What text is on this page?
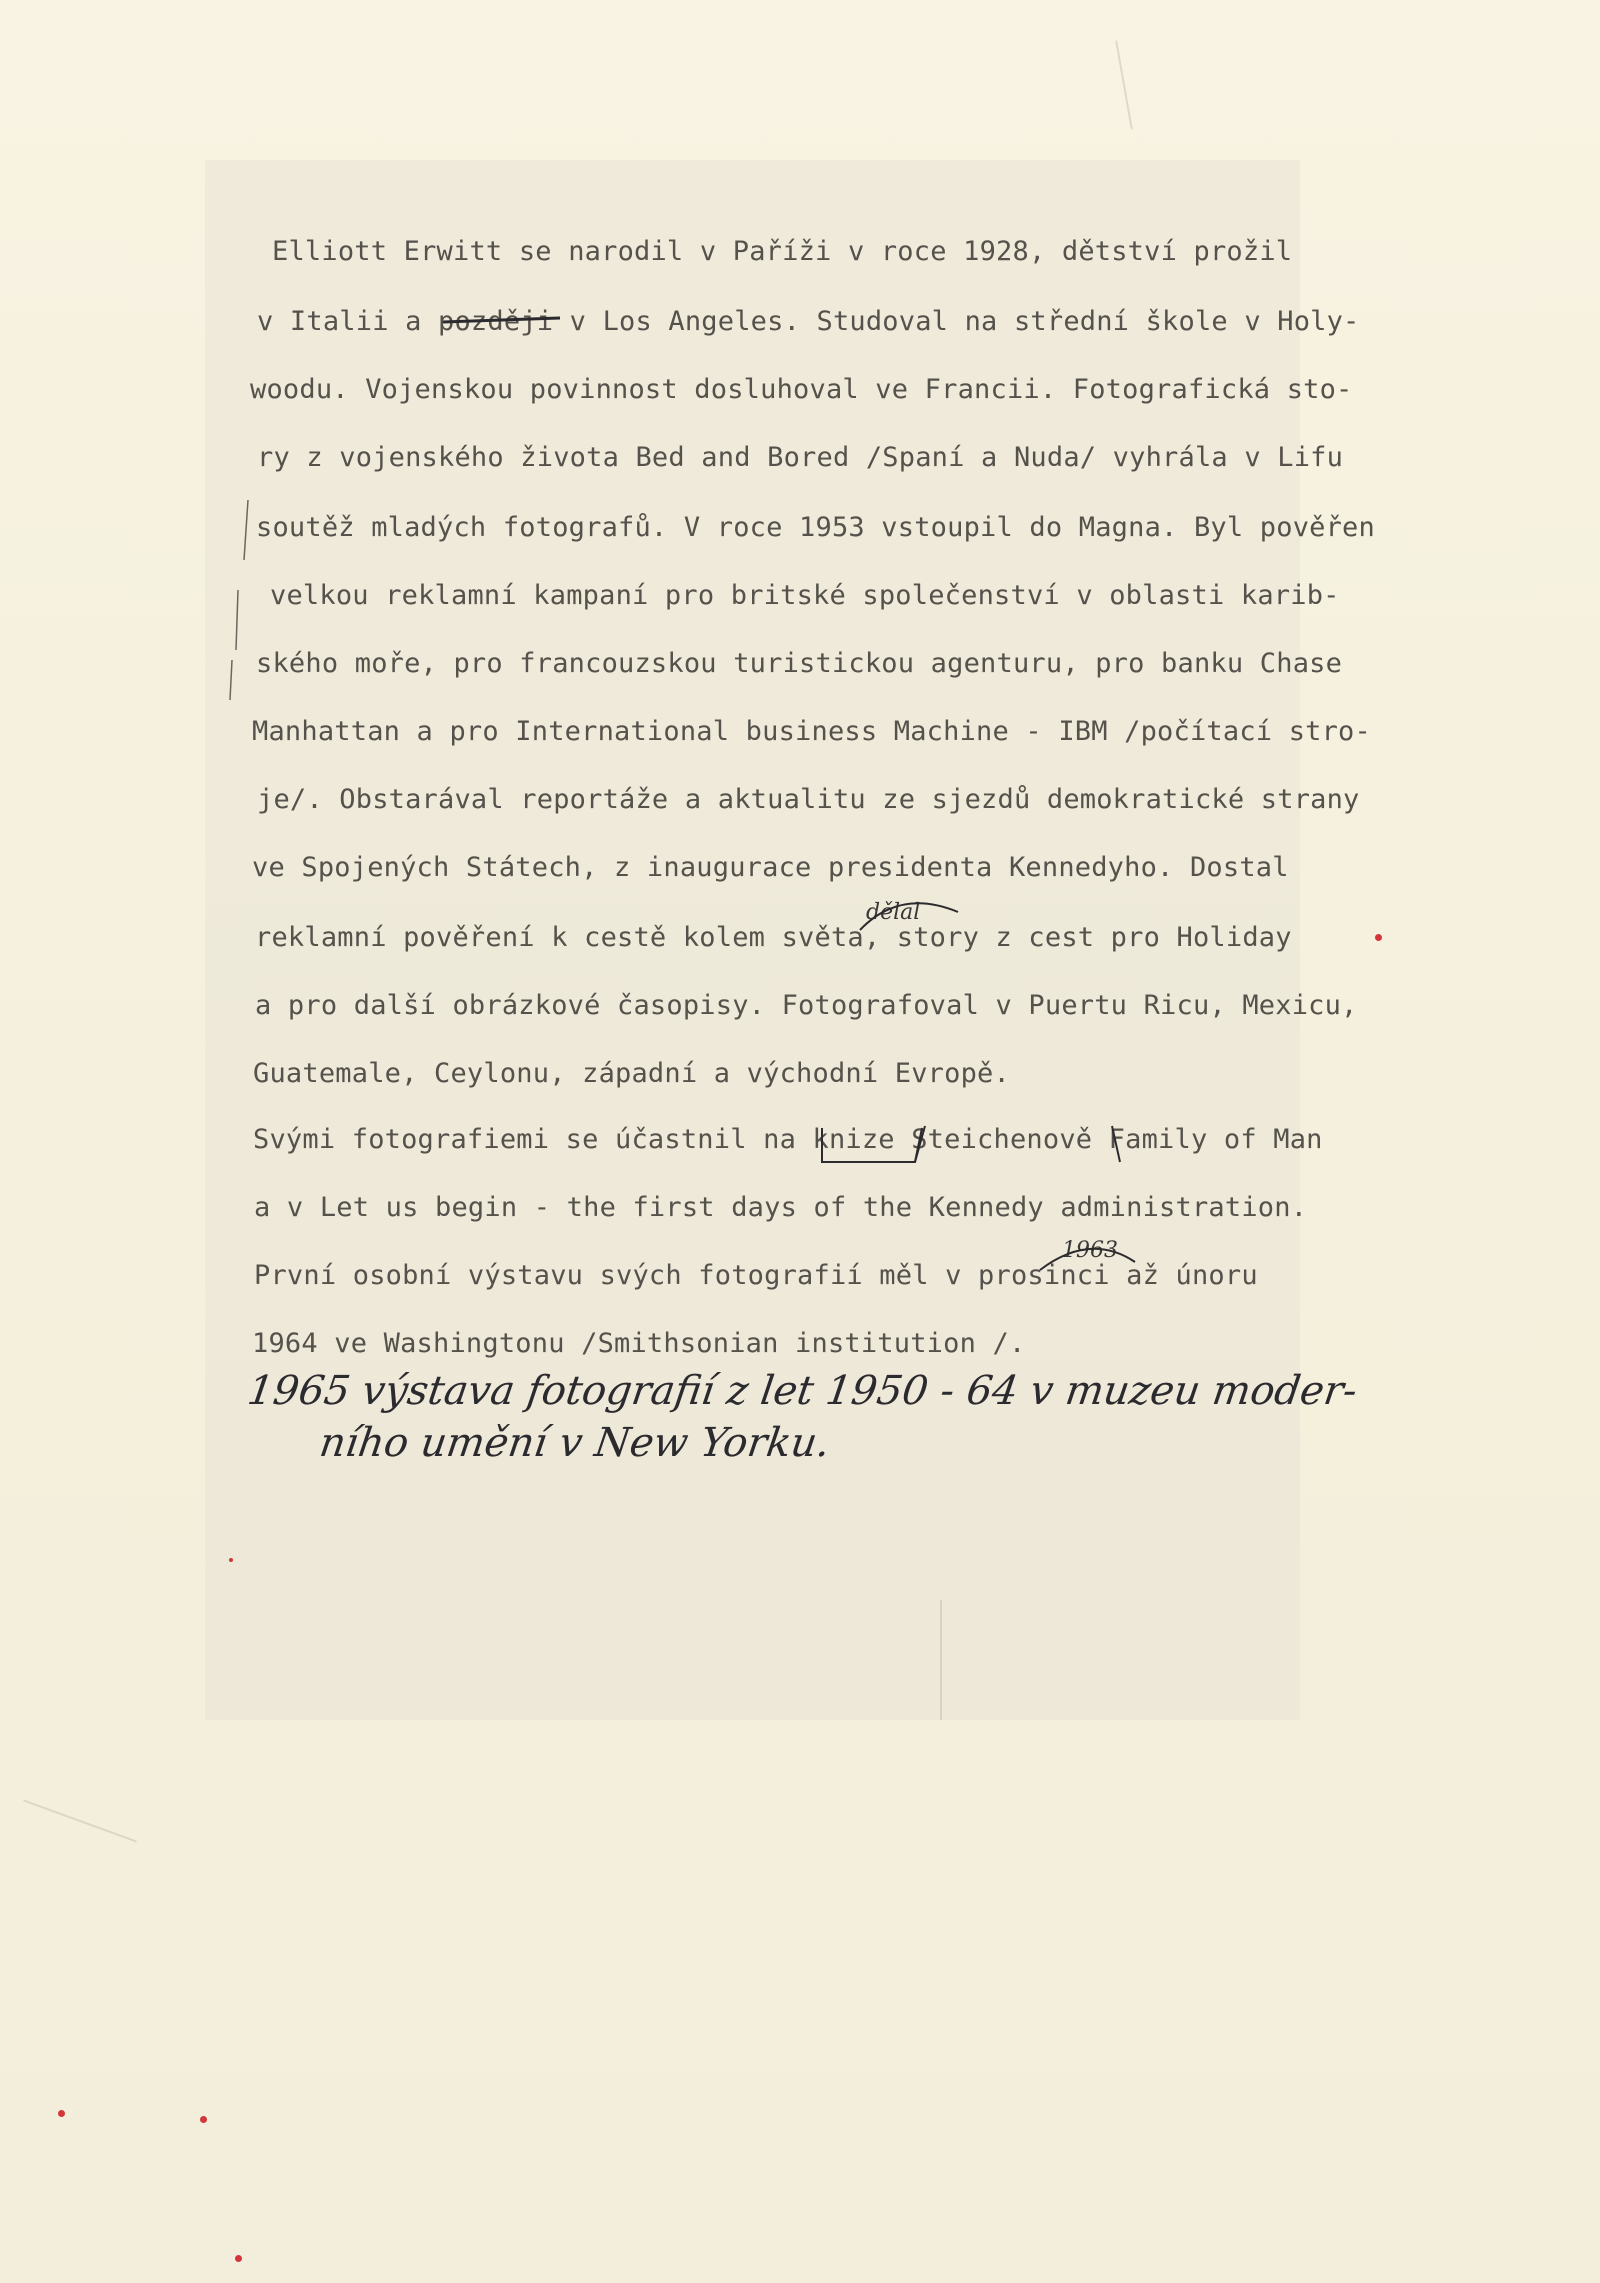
Elliott Erwitt se narodil v Paříži v roce 1928, dětství prožil
v Italii a později v Los Angeles. Studoval na střední škole v Holy-
woodu. Vojenskou povinnost dosluhoval ve Francii. Fotografická sto-
ry z vojenského života Bed and Bored /Spaní a Nuda/ vyhrála v Lifu
soutěž mladých fotografů. V roce 1953 vstoupil do Magna. Byl pověřen
velkou reklamní kampaní pro britské společenství v oblasti karib-
ského moře, pro francouzskou turistickou agenturu, pro banku Chase
Manhattan a pro International business Machine - IBM /počítací stro-
je/. Obstarával reportáže a aktualitu ze sjezdů demokratické strany
ve Spojených Státech, z inaugurace presidenta Kennedyho. Dostal
reklamní pověření k cestě kolem světa, story z cest pro Holiday
a pro další obrázkové časopisy. Fotografoval v Puertu Ricu, Mexicu,
Guatemale, Ceylonu, západní a východní Evropě.
Svými fotografiemi se účastnil na knize Steichenově Family of Man
a v Let us begin - the first days of the Kennedy administration.
První osobní výstavu svých fotografií měl v prosinci až únoru
1964 ve Washingtonu /Smithsonian institution /.
dělal
1963
1965 výstava fotografií z let 1950 - 64 v muzeu moder-
ního umění v New Yorku.
